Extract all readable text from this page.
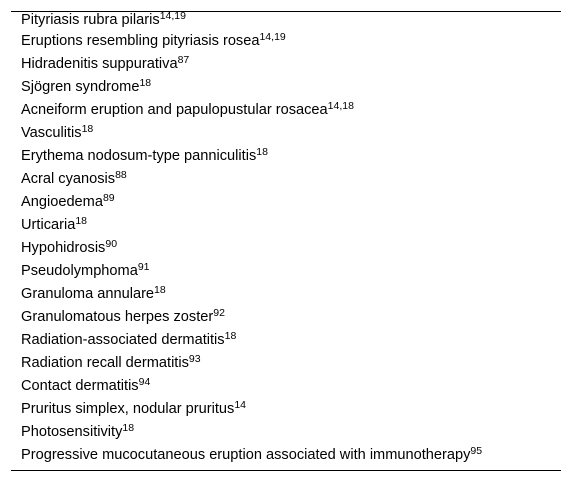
Pityriasis rubra pilaris$^{14,19}$
Eruptions resembling pityriasis rosea$^{14,19}$
Hidradenitis suppurativa$^{87}$
Sjögren syndrome$^{18}$
Acneiform eruption and papulopustular rosacea$^{14,18}$
Vasculitis$^{18}$
Erythema nodosum-type panniculitis$^{18}$
Acral cyanosis$^{88}$
Angioedema$^{89}$
Urticaria$^{18}$
Hypohidrosis$^{90}$
Pseudolymphoma$^{91}$
Granuloma annulare$^{18}$
Granulomatous herpes zoster$^{92}$
Radiation-associated dermatitis$^{18}$
Radiation recall dermatitis$^{93}$
Contact dermatitis$^{94}$
Pruritus simplex, nodular pruritus$^{14}$
Photosensitivity$^{18}$
Progressive mucocutaneous eruption associated with immunotherapy$^{95}$
